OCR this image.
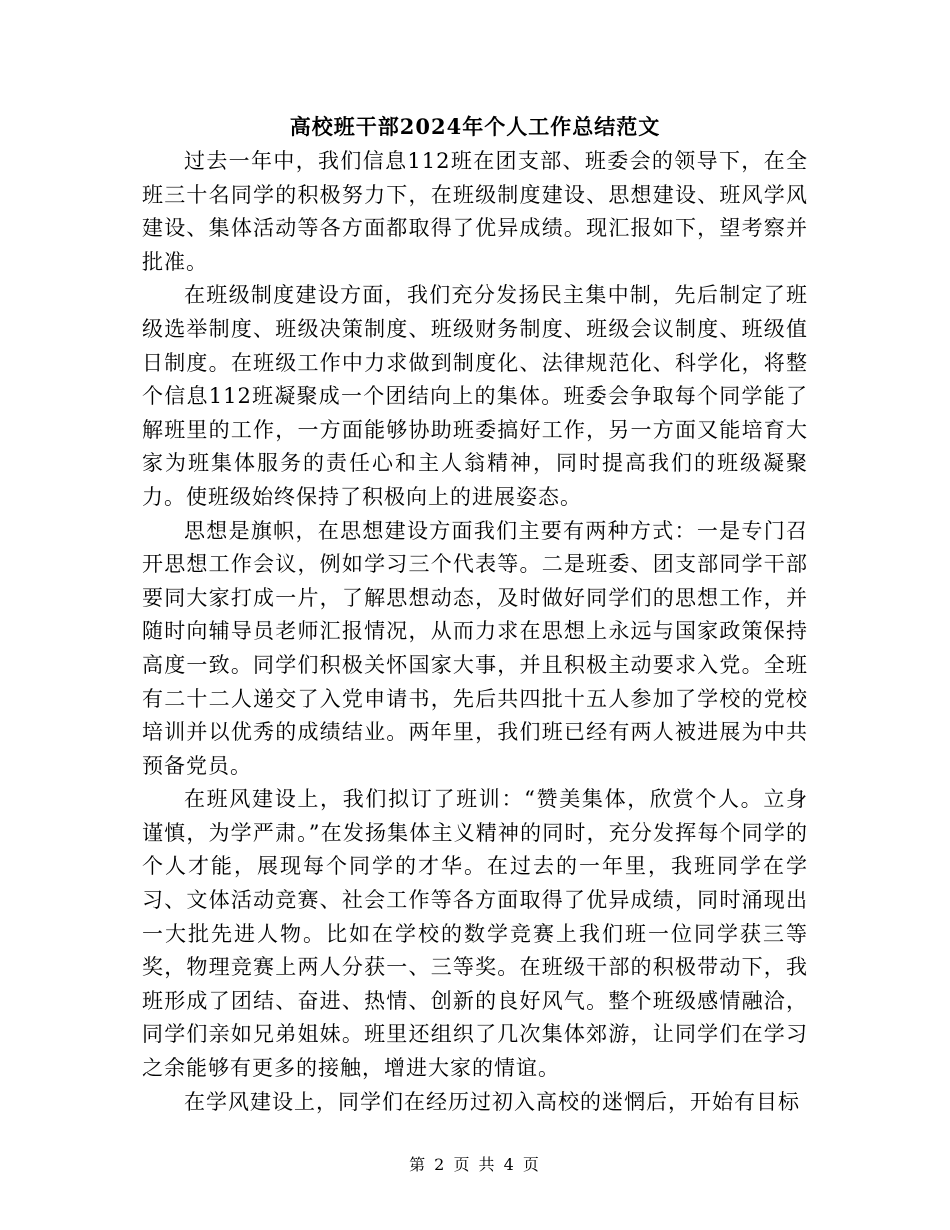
高校班干部2024年个人工作总结范文

过去一年中，我们信息112班在团支部、班委会的领导下，在全班三十名同学的积极努力下，在班级制度建设、思想建设、班风学风建设、集体活动等各方面都取得了优异成绩。现汇报如下，望考察并批准。

在班级制度建设方面，我们充分发扬民主集中制，先后制定了班级选举制度、班级决策制度、班级财务制度、班级会议制度、班级值日制度。在班级工作中力求做到制度化、法律规范化、科学化，将整个信息112班凝聚成一个团结向上的集体。班委会争取每个同学能了解班里的工作，一方面能够协助班委搞好工作，另一方面又能培育大家为班集体服务的责任心和主人翁精神，同时提高我们的班级凝聚力。使班级始终保持了积极向上的进展姿态。

思想是旗帜，在思想建设方面我们主要有两种方式：一是专门召开思想工作会议，例如学习三个代表等。二是班委、团支部同学干部要同大家打成一片，了解思想动态，及时做好同学们的思想工作，并随时向辅导员老师汇报情况，从而力求在思想上永远与国家政策保持高度一致。同学们积极关怀国家大事，并且积极主动要求入党。全班有二十二人递交了入党申请书，先后共四批十五人参加了学校的党校培训并以优秀的成绩结业。两年里，我们班已经有两人被进展为中共预备党员。

在班风建设上，我们拟订了班训：“赞美集体，欣赏个人。立身谨慎，为学严肃。”在发扬集体主义精神的同时，充分发挥每个同学的个人才能，展现每个同学的才华。在过去的一年里，我班同学在学习、文体活动竞赛、社会工作等各方面取得了优异成绩，同时涌现出一大批先进人物。比如在学校的数学竞赛上我们班一位同学获三等奖，物理竞赛上两人分获一、三等奖。在班级干部的积极带动下，我班形成了团结、奋进、热情、创新的良好风气。整个班级感情融洽，同学们亲如兄弟姐妹。班里还组织了几次集体郊游，让同学们在学习之余能够有更多的接触，增进大家的情谊。

在学风建设上，同学们在经历过初入高校的迷惘后，开始有目标

第 2 页 共 4 页
